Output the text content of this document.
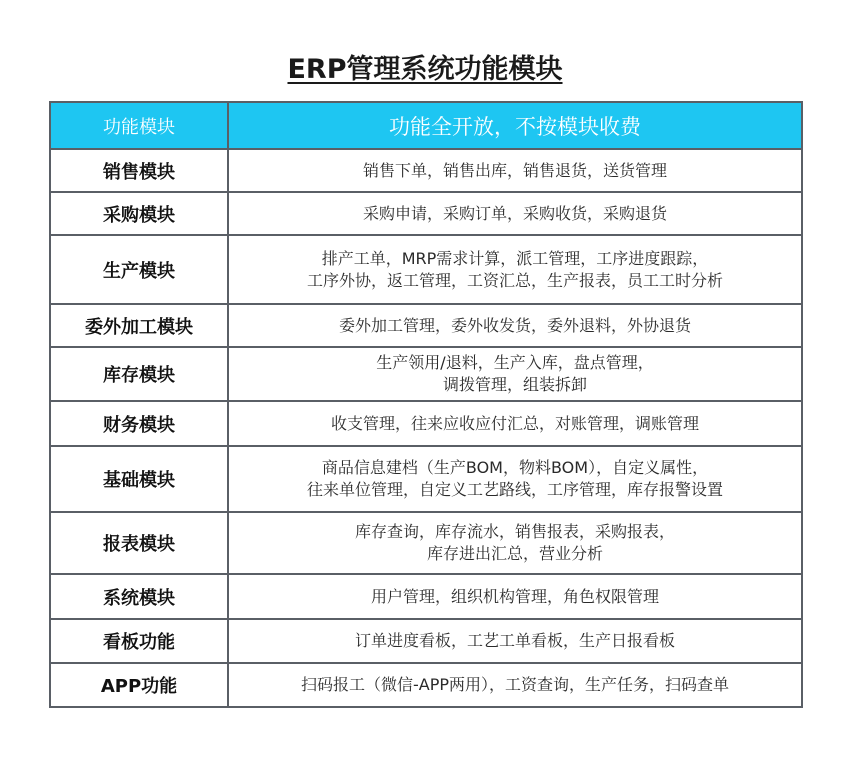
ERP管理系统功能模块
功能模块	功能全开放，不按模块收费
销售模块	销售下单，销售出库，销售退货，送货管理

采购模块	采购申请，采购订单，采购收货，采购退货

生产模块	排产工单，MRP需求计算，派工管理，工序进度跟踪，
工序外协，返工管理，工资汇总，生产报表，员工工时分析

委外加工模块	委外加工管理，委外收发货，委外退料，外协退货

库存模块	生产领用/退料，生产入库，盘点管理，
调拨管理，组装拆卸

财务模块	收支管理，往来应收应付汇总，对账管理，调账管理

基础模块	商品信息建档（生产BOM，物料BOM），自定义属性，
往来单位管理，自定义工艺路线，工序管理，库存报警设置

报表模块	库存查询，库存流水，销售报表，采购报表，
库存进出汇总，营业分析

系统模块	用户管理，组织机构管理，角色权限管理

看板功能	订单进度看板，工艺工单看板，生产日报看板

APP功能	扫码报工（微信-APP两用），工资查询，生产任务，扫码查单
